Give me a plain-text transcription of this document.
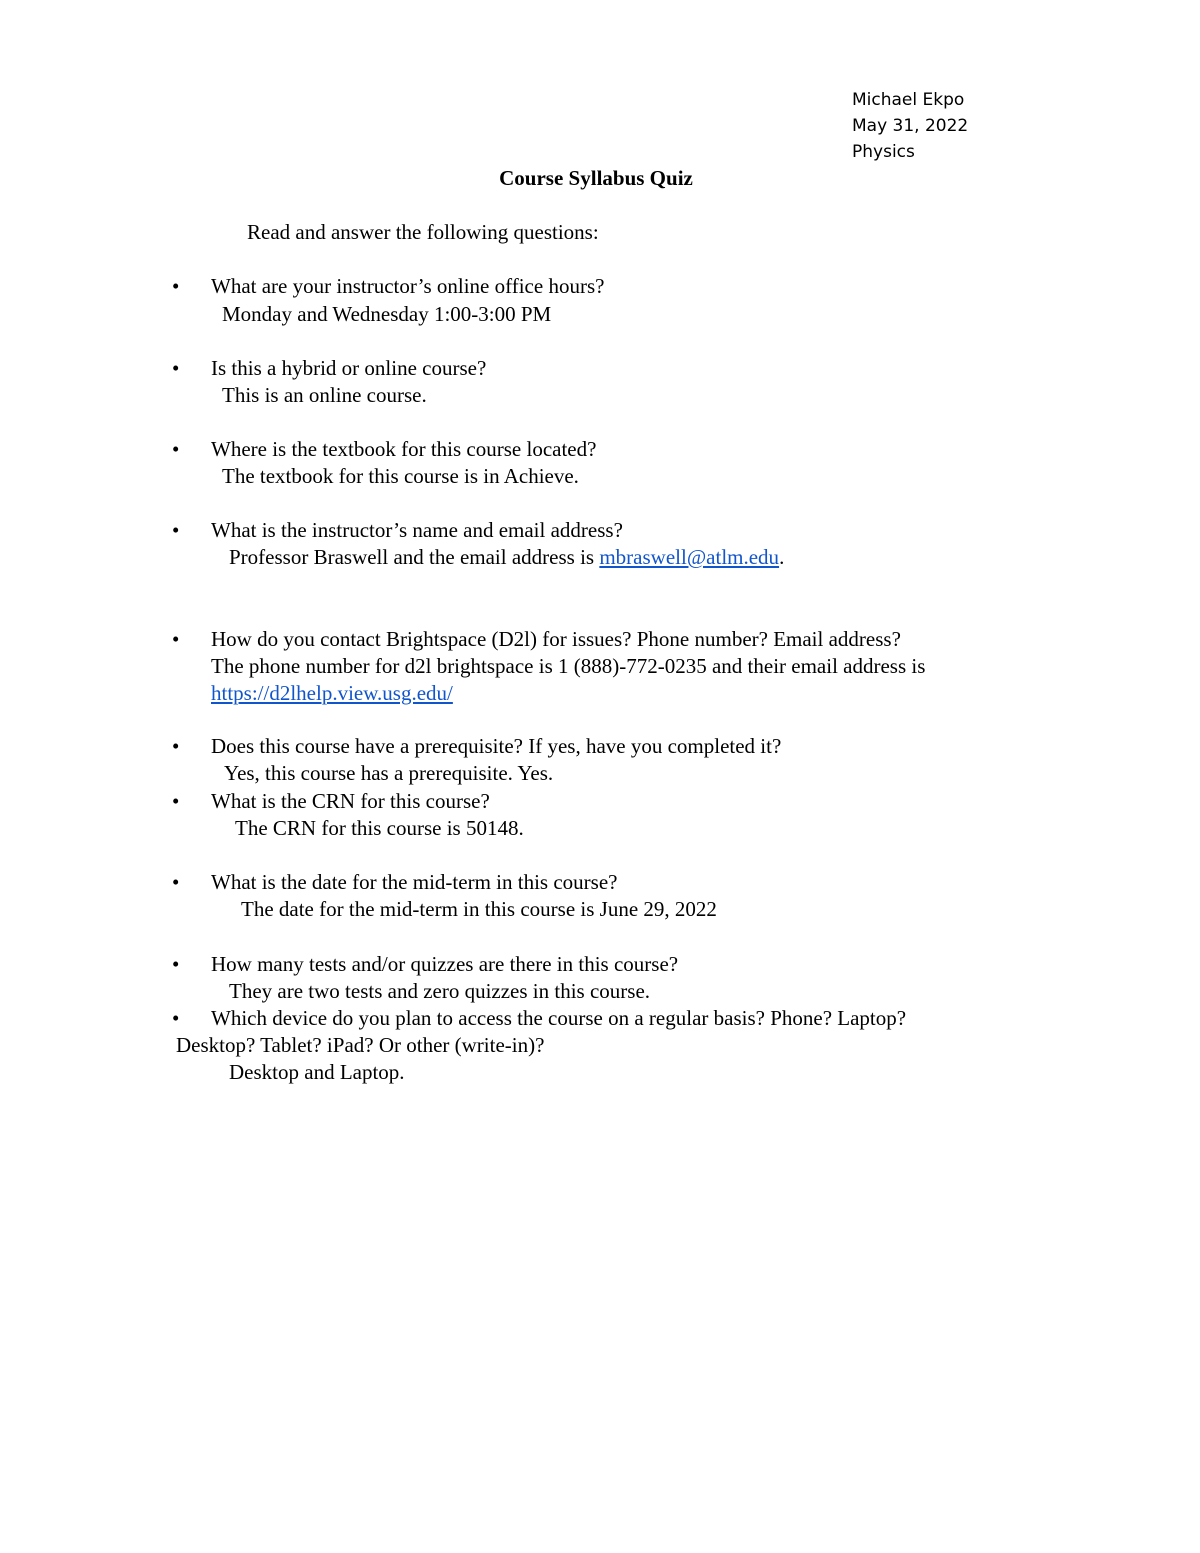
Michael Ekpo
May 31, 2022
Physics
Course Syllabus Quiz
Read and answer the following questions:
• What are your instructor’s online office hours?
Monday and Wednesday 1:00-3:00 PM
• Is this a hybrid or online course?
This is an online course.
• Where is the textbook for this course located?
The textbook for this course is in Achieve.
• What is the instructor’s name and email address?
Professor Braswell and the email address is mbraswell@atlm.edu.
• How do you contact Brightspace (D2l) for issues? Phone number? Email address?
The phone number for d2l brightspace is 1 (888)-772-0235 and their email address is https://d2lhelp.view.usg.edu/
• Does this course have a prerequisite? If yes, have you completed it?
Yes, this course has a prerequisite. Yes.
• What is the CRN for this course?
The CRN for this course is 50148.
• What is the date for the mid-term in this course?
The date for the mid-term in this course is June 29, 2022
• How many tests and/or quizzes are there in this course?
They are two tests and zero quizzes in this course.
• Which device do you plan to access the course on a regular basis? Phone? Laptop?
Desktop? Tablet? iPad? Or other (write-in)?
Desktop and Laptop.
